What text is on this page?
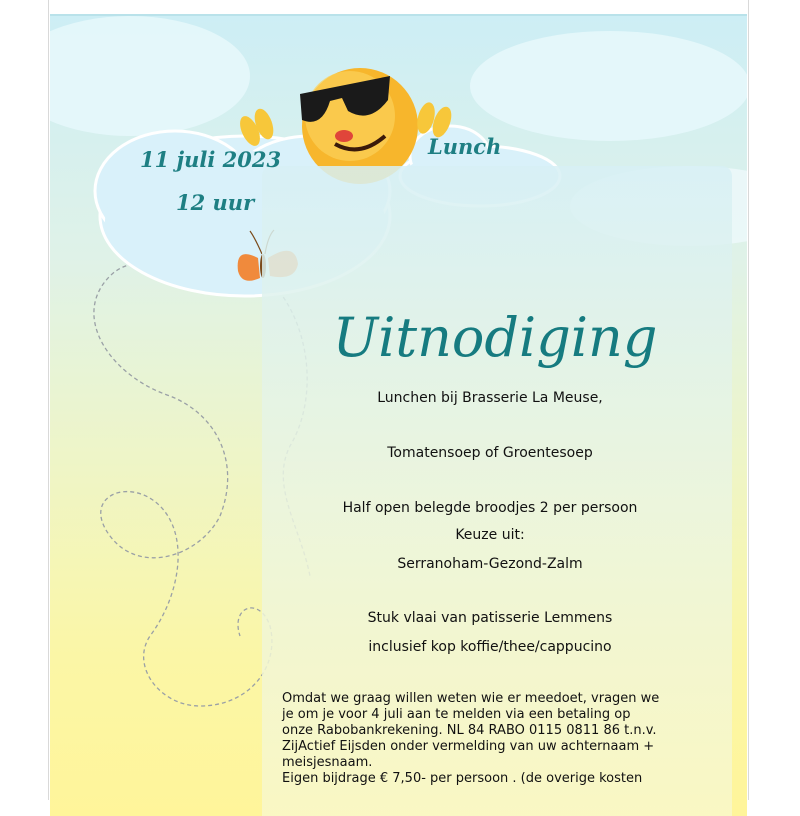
11 juli 2023
12 uur
Lunch
Uitnodiging
Lunchen bij Brasserie La Meuse,
Tomatensoep of Groentesoep
Half open belegde broodjes 2 per persoon
Keuze uit:
Serranoham-Gezond-Zalm
Stuk vlaai van patisserie Lemmens
inclusief kop koffie/thee/cappucino
Omdat we graag willen weten wie er meedoet, vragen we
je om je voor 4 juli aan te melden via een betaling op
onze Rabobankrekening. NL 84 RABO 0115 0811 86 t.n.v.
ZijActief Eijsden onder vermelding van uw achternaam +
meisjesnaam.
Eigen bijdrage € 7,50- per persoon . (de overige kosten
